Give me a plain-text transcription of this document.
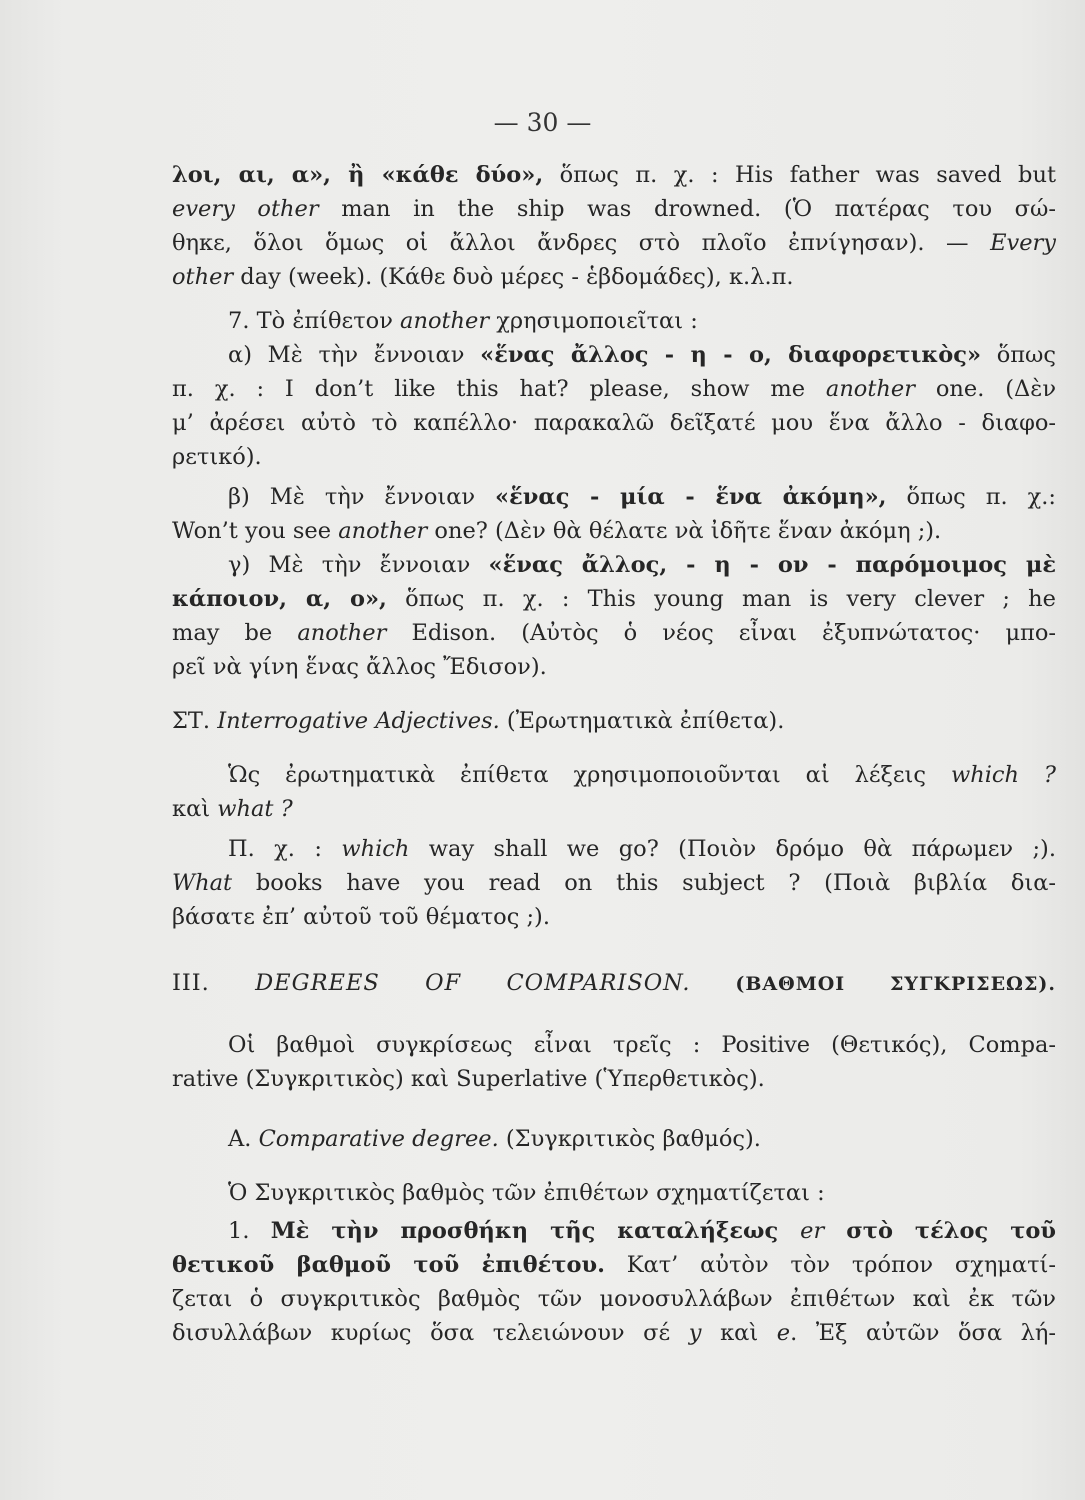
— 30 —
λοι, αι, α», ἢ «κάθε δύο», ὅπως π. χ. : His father was saved but
every other man in the ship was drowned. (Ὁ πατέρας του σώ-
θηκε, ὅλοι ὅμως οἱ ἄλλοι ἄνδρες στὸ πλοῖο ἐπνίγησαν). — Every
other day (week). (Κάθε δυὸ μέρες - ἑβδομάδες), κ.λ.π.
7. Τὸ ἐπίθετον another χρησιμοποιεῖται :
α) Μὲ τὴν ἔννοιαν «ἕνας ἄλλος - η - ο, διαφορετικὸς» ὅπως
π. χ. : I don’t like this hat? please, show me another one. (Δὲν
μ’ ἀρέσει αὐτὸ τὸ καπέλλο· παρακαλῶ δεῖξατέ μου ἕνα ἄλλο - διαφο-
ρετικό).
β) Μὲ τὴν ἔννοιαν «ἕνας - μία - ἕνα ἀκόμη», ὅπως π. χ.:
Won’t you see another one? (Δὲν θὰ θέλατε νὰ ἰδῆτε ἕναν ἀκόμη ;).
γ) Μὲ τὴν ἔννοιαν «ἕνας ἄλλος, - η - ον - παρόμοιμος μὲ
κάποιον, α, ο», ὅπως π. χ. : This young man is very clever ; he
may be another Edison. (Αὐτὸς ὁ νέος εἶναι ἐξυπνώτατος· μπο-
ρεῖ νὰ γίνη ἕνας ἄλλος Ἔδισον).
ΣΤ. Interrogative Adjectives. (Ἐρωτηματικὰ ἐπίθετα).
Ὡς ἐρωτηματικὰ ἐπίθετα χρησιμοποιοῦνται αἱ λέξεις which ?
καὶ what ?
Π. χ. : which way shall we go? (Ποιὸν δρόμο θὰ πάρωμεν ;).
What books have you read on this subject ? (Ποιὰ βιβλία δια-
βάσατε ἐπ’ αὐτοῦ τοῦ θέματος ;).
III. DEGREES OF COMPARISON. (ΒΑΘΜΟΙ ΣΥΓΚΡΙΣΕΩΣ).
Οἱ βαθμοὶ συγκρίσεως εἶναι τρεῖς : Positive (Θετικός), Compa-
rative (Συγκριτικὸς) καὶ Superlative (Ὑπερθετικὸς).
Α. Comparative degree. (Συγκριτικὸς βαθμός).
Ὁ Συγκριτικὸς βαθμὸς τῶν ἐπιθέτων σχηματίζεται :
1. Μὲ τὴν προσθήκη τῆς καταλήξεως er στὸ τέλος τοῦ
θετικοῦ βαθμοῦ τοῦ ἐπιθέτου. Κατ’ αὐτὸν τὸν τρόπον σχηματί-
ζεται ὁ συγκριτικὸς βαθμὸς τῶν μονοσυλλάβων ἐπιθέτων καὶ ἐκ τῶν
δισυλλάβων κυρίως ὅσα τελειώνουν σέ y καὶ e. Ἐξ αὐτῶν ὅσα λή-
